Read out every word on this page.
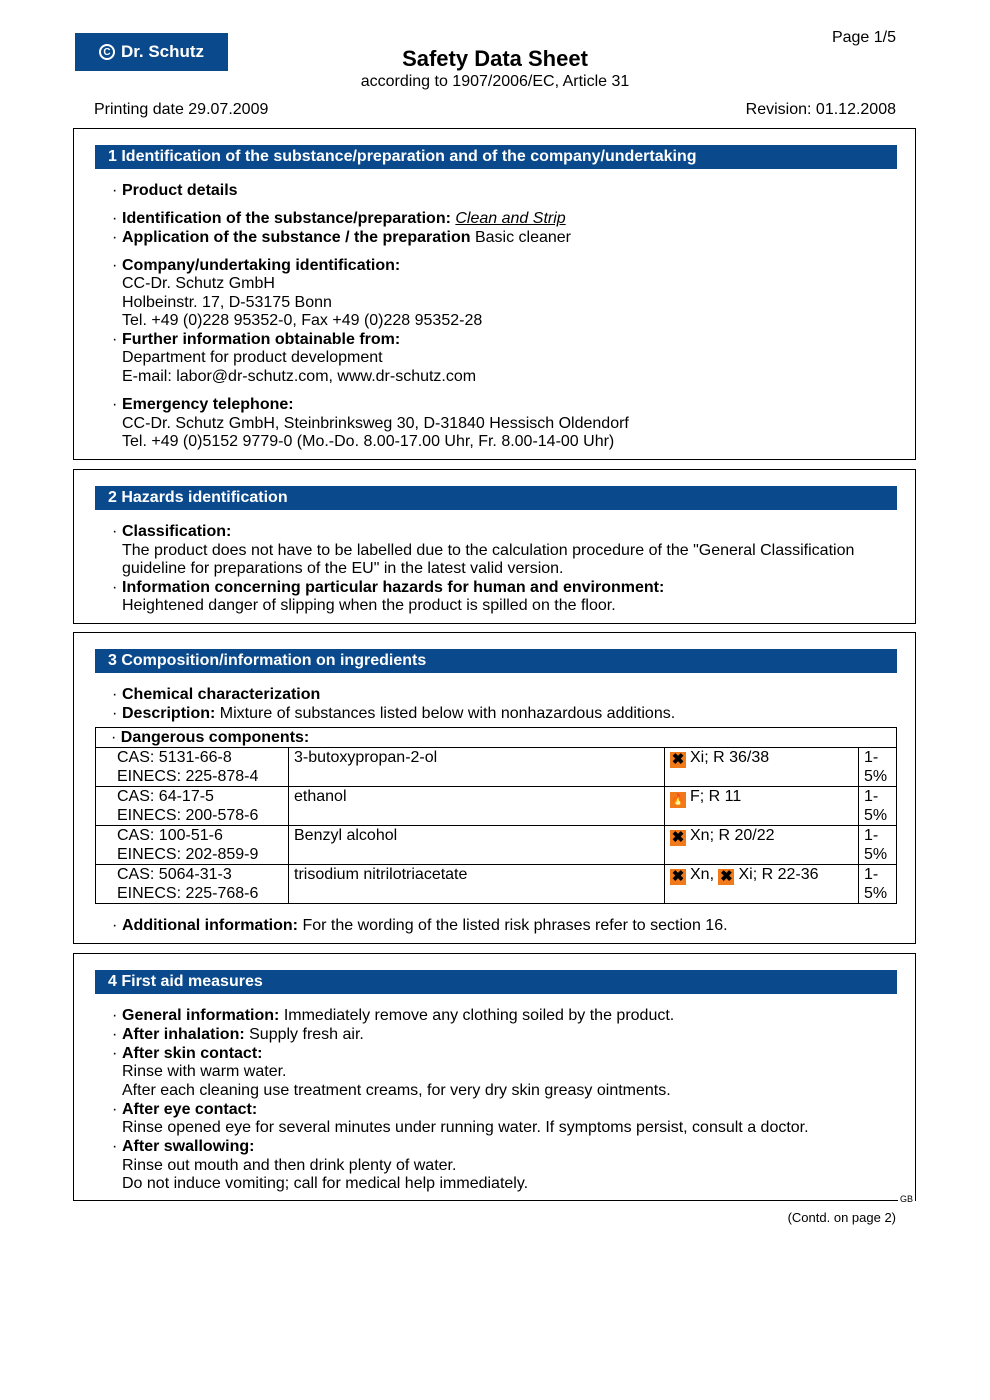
C Dr. Schutz
Page 1/5
Safety Data Sheet
according to 1907/2006/EC, Article 31
Printing date 29.07.2009	Revision: 01.12.2008
1 Identification of the substance/preparation and of the company/undertaking
· Product details
· Identification of the substance/preparation: Clean and Strip
· Application of the substance / the preparation Basic cleaner
· Company/undertaking identification:
CC-Dr. Schutz GmbH
Holbeinstr. 17, D-53175 Bonn
Tel. +49 (0)228 95352-0, Fax +49 (0)228 95352-28
· Further information obtainable from:
Department for product development
E-mail: labor@dr-schutz.com, www.dr-schutz.com
· Emergency telephone:
CC-Dr. Schutz GmbH, Steinbrinksweg 30, D-31840 Hessisch Oldendorf
Tel. +49 (0)5152 9779-0 (Mo.-Do. 8.00-17.00 Uhr, Fr. 8.00-14-00 Uhr)
2 Hazards identification
· Classification:
The product does not have to be labelled due to the calculation procedure of the "General Classification
guideline for preparations of the EU" in the latest valid version.
· Information concerning particular hazards for human and environment:
Heightened danger of slipping when the product is spilled on the floor.
3 Composition/information on ingredients
· Chemical characterization
· Description: Mixture of substances listed below with nonhazardous additions.
· Dangerous components:			

CAS: 5131-66-8
EINECS: 225-878-4	3-butoxypropan-2-ol	✖ Xi; R 36/38	1-5%

CAS: 64-17-5
EINECS: 200-578-6	ethanol	🔥 F; R 11	1-5%

CAS: 100-51-6
EINECS: 202-859-9	Benzyl alcohol	✖ Xn; R 20/22	1-5%

CAS: 5064-31-3
EINECS: 225-768-6	trisodium nitrilotriacetate	✖ Xn, ✖ Xi; R 22-36	1-5%
· Additional information: For the wording of the listed risk phrases refer to section 16.
4 First aid measures
· General information: Immediately remove any clothing soiled by the product.
· After inhalation: Supply fresh air.
· After skin contact:
Rinse with warm water.
After each cleaning use treatment creams, for very dry skin greasy ointments.
· After eye contact:
Rinse opened eye for several minutes under running water. If symptoms persist, consult a doctor.
· After swallowing:
Rinse out mouth and then drink plenty of water.
Do not induce vomiting; call for medical help immediately.
GB
(Contd. on page 2)
